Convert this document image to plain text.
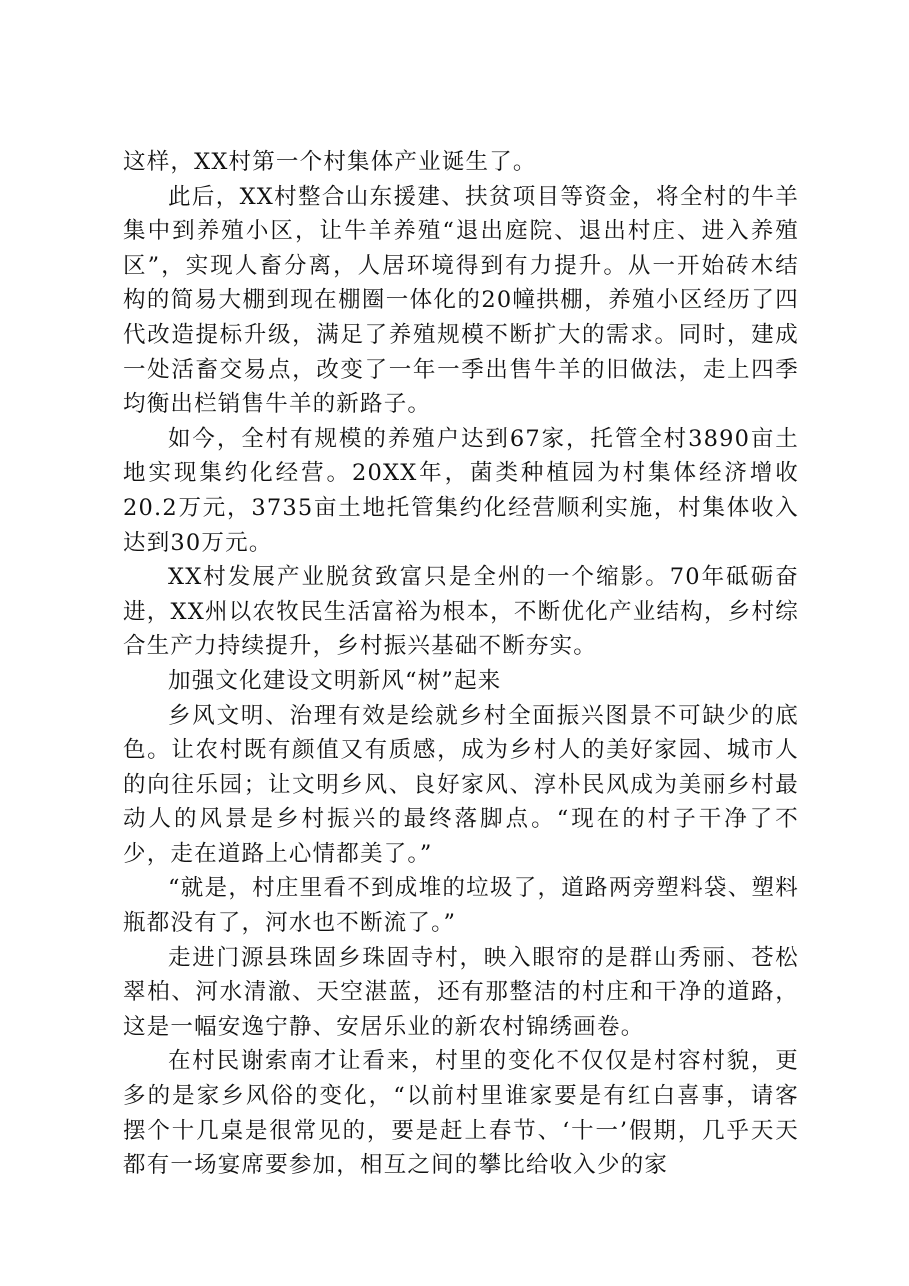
这样，XX村第一个村集体产业诞生了。

此后，XX村整合山东援建、扶贫项目等资金，将全村的牛羊集中到养殖小区，让牛羊养殖“退出庭院、退出村庄、进入养殖区”，实现人畜分离，人居环境得到有力提升。从一开始砖木结构的简易大棚到现在棚圈一体化的20幢拱棚，养殖小区经历了四代改造提标升级，满足了养殖规模不断扩大的需求。同时，建成一处活畜交易点，改变了一年一季出售牛羊的旧做法，走上四季均衡出栏销售牛羊的新路子。

如今，全村有规模的养殖户达到67家，托管全村3890亩土地实现集约化经营。20XX年，菌类种植园为村集体经济增收20.2万元，3735亩土地托管集约化经营顺利实施，村集体收入达到30万元。

XX村发展产业脱贫致富只是全州的一个缩影。70年砥砺奋进，XX州以农牧民生活富裕为根本，不断优化产业结构，乡村综合生产力持续提升，乡村振兴基础不断夯实。

加强文化建设文明新风“树”起来

乡风文明、治理有效是绘就乡村全面振兴图景不可缺少的底色。让农村既有颜值又有质感，成为乡村人的美好家园、城市人的向往乐园；让文明乡风、良好家风、淳朴民风成为美丽乡村最动人的风景是乡村振兴的最终落脚点。“现在的村子干净了不少，走在道路上心情都美了。”

“就是，村庄里看不到成堆的垃圾了，道路两旁塑料袋、塑料瓶都没有了，河水也不断流了。”

走进门源县珠固乡珠固寺村，映入眼帘的是群山秀丽、苍松翠柏、河水清澈、天空湛蓝，还有那整洁的村庄和干净的道路，这是一幅安逸宁静、安居乐业的新农村锦绣画卷。

在村民谢索南才让看来，村里的变化不仅仅是村容村貌，更多的是家乡风俗的变化，“以前村里谁家要是有红白喜事，请客摆个十几桌是很常见的，要是赶上春节、‘十一’假期，几乎天天都有一场宴席要参加，相互之间的攀比给收入少的家
